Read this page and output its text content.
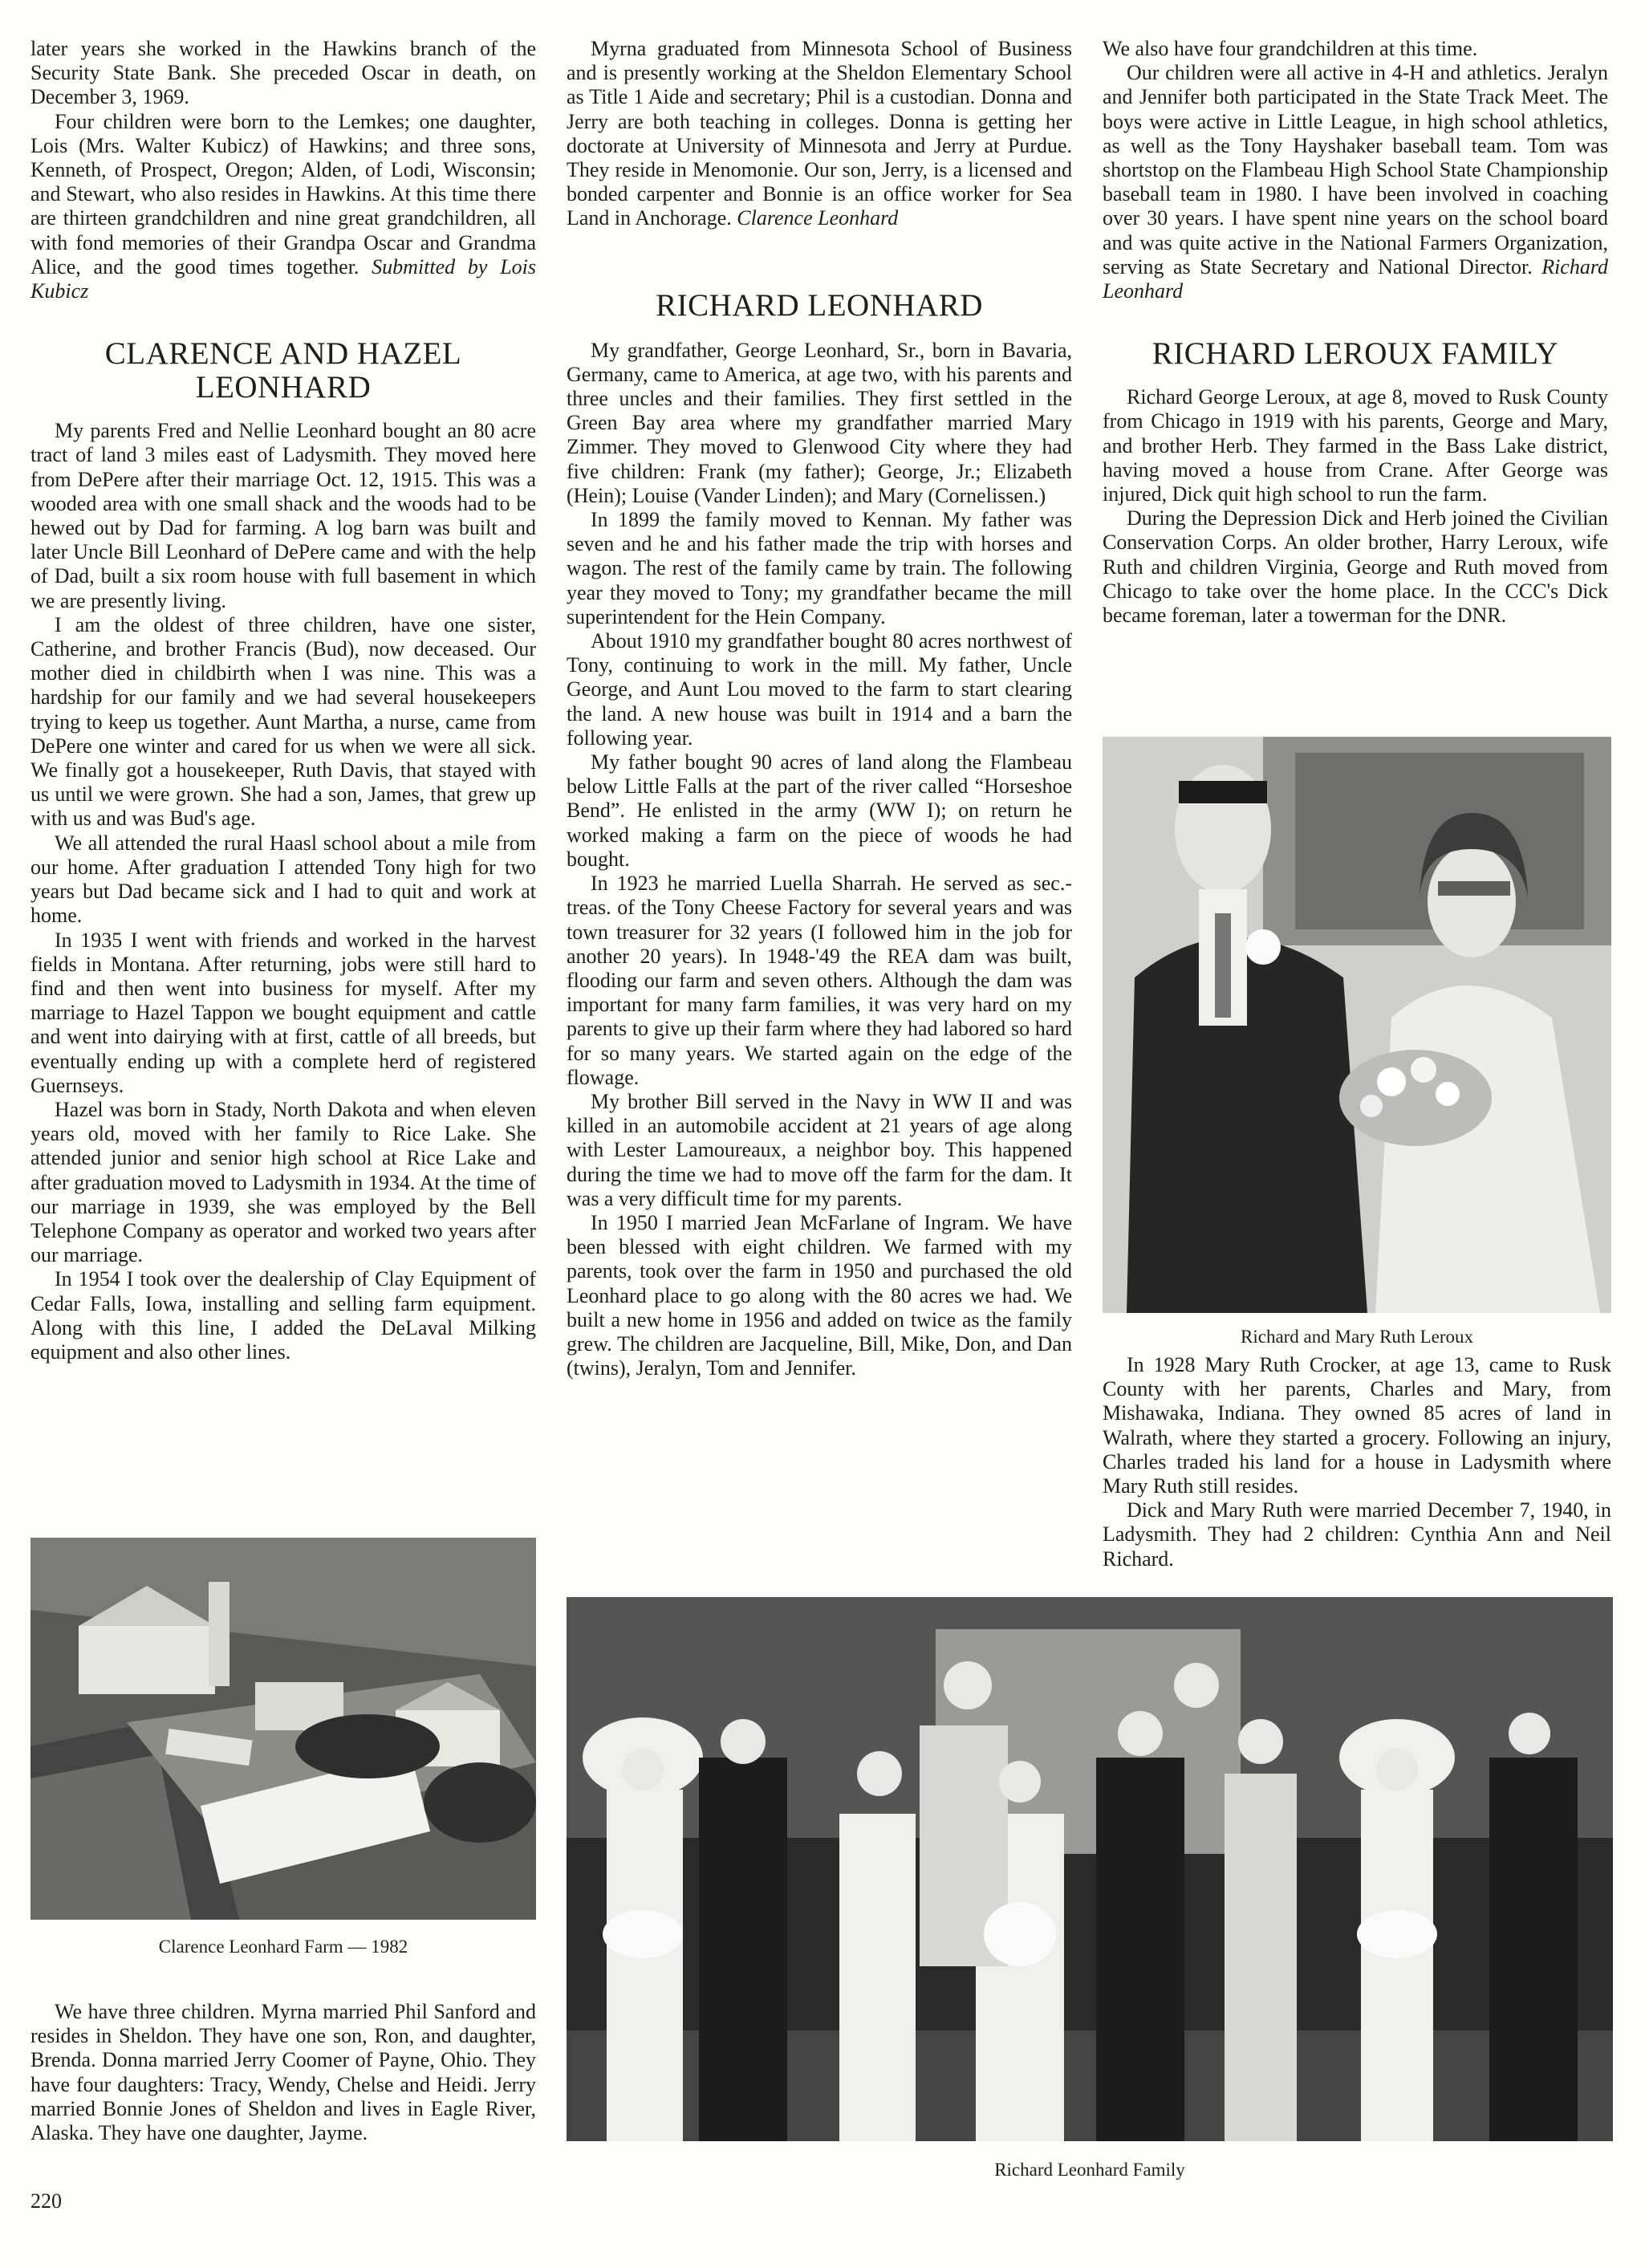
later years she worked in the Hawkins branch of the Security State Bank. She preceded Oscar in death, on December 3, 1969.

Four children were born to the Lemkes; one daughter, Lois (Mrs. Walter Kubicz) of Hawkins; and three sons, Kenneth, of Prospect, Oregon; Alden, of Lodi, Wisconsin; and Stewart, who also resides in Hawkins. At this time there are thirteen grandchildren and nine great grandchildren, all with fond memories of their Grandpa Oscar and Grandma Alice, and the good times together. Submitted by Lois Kubicz

CLARENCE AND HAZEL LEONHARD

My parents Fred and Nellie Leonhard bought an 80 acre tract of land 3 miles east of Ladysmith. They moved here from DePere after their marriage Oct. 12, 1915. This was a wooded area with one small shack and the woods had to be hewed out by Dad for farming. A log barn was built and later Uncle Bill Leonhard of DePere came and with the help of Dad, built a six room house with full basement in which we are presently living.

I am the oldest of three children, have one sister, Catherine, and brother Francis (Bud), now deceased. Our mother died in childbirth when I was nine. This was a hardship for our family and we had several housekeepers trying to keep us together. Aunt Martha, a nurse, came from DePere one winter and cared for us when we were all sick. We finally got a housekeeper, Ruth Davis, that stayed with us until we were grown. She had a son, James, that grew up with us and was Bud's age.

We all attended the rural Haasl school about a mile from our home. After graduation I attended Tony high for two years but Dad became sick and I had to quit and work at home.

In 1935 I went with friends and worked in the harvest fields in Montana. After returning, jobs were still hard to find and then went into business for myself. After my marriage to Hazel Tappon we bought equipment and cattle and went into dairying with at first, cattle of all breeds, but eventually ending up with a complete herd of registered Guernseys.

Hazel was born in Stady, North Dakota and when eleven years old, moved with her family to Rice Lake. She attended junior and senior high school at Rice Lake and after graduation moved to Ladysmith in 1934. At the time of our marriage in 1939, she was employed by the Bell Telephone Company as operator and worked two years after our marriage.

In 1954 I took over the dealership of Clay Equipment of Cedar Falls, Iowa, installing and selling farm equipment. Along with this line, I added the DeLaval Milking equipment and also other lines.

Clarence Leonhard Farm — 1982

We have three children. Myrna married Phil Sanford and resides in Sheldon. They have one son, Ron, and daughter, Brenda. Donna married Jerry Coomer of Payne, Ohio. They have four daughters: Tracy, Wendy, Chelse and Heidi. Jerry married Bonnie Jones of Sheldon and lives in Eagle River, Alaska. They have one daughter, Jayme.

Myrna graduated from Minnesota School of Business and is presently working at the Sheldon Elementary School as Title 1 Aide and secretary; Phil is a custodian. Donna and Jerry are both teaching in colleges. Donna is getting her doctorate at University of Minnesota and Jerry at Purdue. They reside in Menomonie. Our son, Jerry, is a licensed and bonded carpenter and Bonnie is an office worker for Sea Land in Anchorage. Clarence Leonhard

RICHARD LEONHARD

My grandfather, George Leonhard, Sr., born in Bavaria, Germany, came to America, at age two, with his parents and three uncles and their families. They first settled in the Green Bay area where my grandfather married Mary Zimmer. They moved to Glenwood City where they had five children: Frank (my father); George, Jr.; Elizabeth (Hein); Louise (Vander Linden); and Mary (Cornelissen.)

In 1899 the family moved to Kennan. My father was seven and he and his father made the trip with horses and wagon. The rest of the family came by train. The following year they moved to Tony; my grandfather became the mill superintendent for the Hein Company.

About 1910 my grandfather bought 80 acres northwest of Tony, continuing to work in the mill. My father, Uncle George, and Aunt Lou moved to the farm to start clearing the land. A new house was built in 1914 and a barn the following year.

My father bought 90 acres of land along the Flambeau below Little Falls at the part of the river called “Horseshoe Bend”. He enlisted in the army (WW I); on return he worked making a farm on the piece of woods he had bought.

In 1923 he married Luella Sharrah. He served as sec.-treas. of the Tony Cheese Factory for several years and was town treasurer for 32 years (I followed him in the job for another 20 years). In 1948-'49 the REA dam was built, flooding our farm and seven others. Although the dam was important for many farm families, it was very hard on my parents to give up their farm where they had labored so hard for so many years. We started again on the edge of the flowage.

My brother Bill served in the Navy in WW II and was killed in an automobile accident at 21 years of age along with Lester Lamoureaux, a neighbor boy. This happened during the time we had to move off the farm for the dam. It was a very difficult time for my parents.

In 1950 I married Jean McFarlane of Ingram. We have been blessed with eight children. We farmed with my parents, took over the farm in 1950 and purchased the old Leonhard place to go along with the 80 acres we had. We built a new home in 1956 and added on twice as the family grew. The children are Jacqueline, Bill, Mike, Don, and Dan (twins), Jeralyn, Tom and Jennifer.

We also have four grandchildren at this time.

Our children were all active in 4-H and athletics. Jeralyn and Jennifer both participated in the State Track Meet. The boys were active in Little League, in high school athletics, as well as the Tony Hayshaker baseball team. Tom was shortstop on the Flambeau High School State Championship baseball team in 1980. I have been involved in coaching over 30 years. I have spent nine years on the school board and was quite active in the National Farmers Organization, serving as State Secretary and National Director. Richard Leonhard

RICHARD LEROUX FAMILY

Richard George Leroux, at age 8, moved to Rusk County from Chicago in 1919 with his parents, George and Mary, and brother Herb. They farmed in the Bass Lake district, having moved a house from Crane. After George was injured, Dick quit high school to run the farm.

During the Depression Dick and Herb joined the Civilian Conservation Corps. An older brother, Harry Leroux, wife Ruth and children Virginia, George and Ruth moved from Chicago to take over the home place. In the CCC's Dick became foreman, later a towerman for the DNR.

Richard and Mary Ruth Leroux

In 1928 Mary Ruth Crocker, at age 13, came to Rusk County with her parents, Charles and Mary, from Mishawaka, Indiana. They owned 85 acres of land in Walrath, where they started a grocery. Following an injury, Charles traded his land for a house in Ladysmith where Mary Ruth still resides.

Dick and Mary Ruth were married December 7, 1940, in Ladysmith. They had 2 children: Cynthia Ann and Neil Richard.

Richard Leonhard Family
220
